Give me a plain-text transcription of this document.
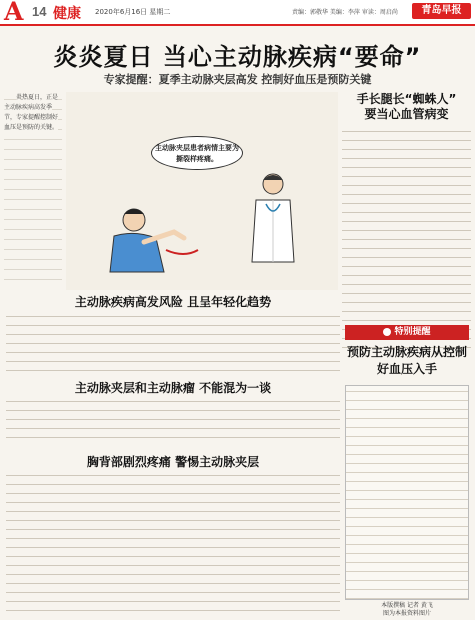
A 14 健康 2020年6月16日 星期二	责编：郭敬华 美编：李萍 审读：周启尚	青岛早报
炎炎夏日 当心主动脉疾病“要命”
专家提醒：夏季主动脉夹层高发 控制好血压是预防关键
炎热夏日，正是主动脉疾病高发季节，专家提醒控制好血压是预防的关键。
主动脉夹层患者病情主要为撕裂样疼痛。
手长腿长“蜘蛛人”
要当心血管病变
主动脉疾病高发风险 且呈年轻化趋势
主动脉夹层和主动脉瘤 不能混为一谈
胸背部剧烈疼痛 警惕主动脉夹层
特别提醒
预防主动脉疾病从控制好血压入手
本版撰稿 记者 黄飞
图为本报资料图片
